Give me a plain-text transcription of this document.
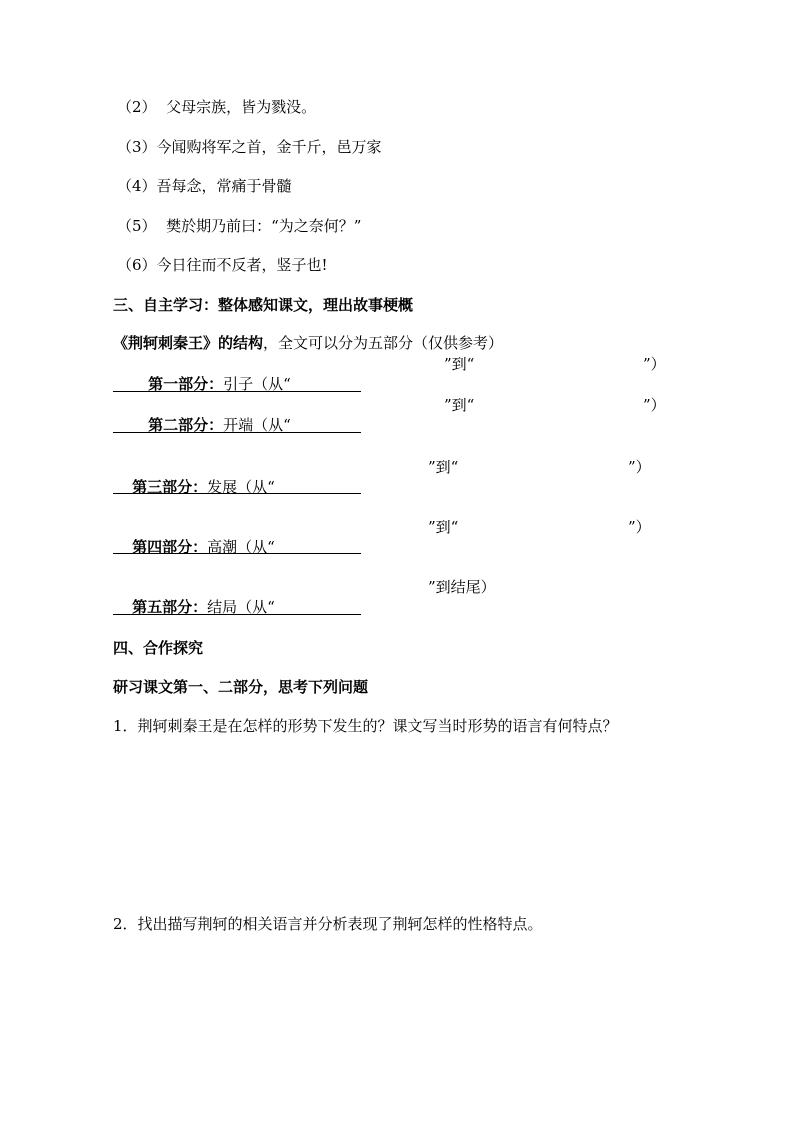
（2）  父母宗族，皆为戮没。
（3）今闻购将军之首，金千斤，邑万家
（4）吾每念，常痛于骨髓
（5）  樊於期乃前曰：“为之奈何？”
（6）今日往而不反者，竖子也!
三、自主学习：整体感知课文，理出故事梗概
《荆轲刺秦王》的结构，全文可以分为五部分（仅供参考）

第一部分：引子（从“

”到“	”）

第二部分：开端（从“

”到“	”）

第三部分：发展（从“

”到“	”）

第四部分：高潮（从“

”到“	”）

第五部分：结局（从“

”到结尾）
四、合作探究
研习课文第一、二部分，思考下列问题
1．荆轲刺秦王是在怎样的形势下发生的？课文写当时形势的语言有何特点？
2．找出描写荆轲的相关语言并分析表现了荆轲怎样的性格特点。
